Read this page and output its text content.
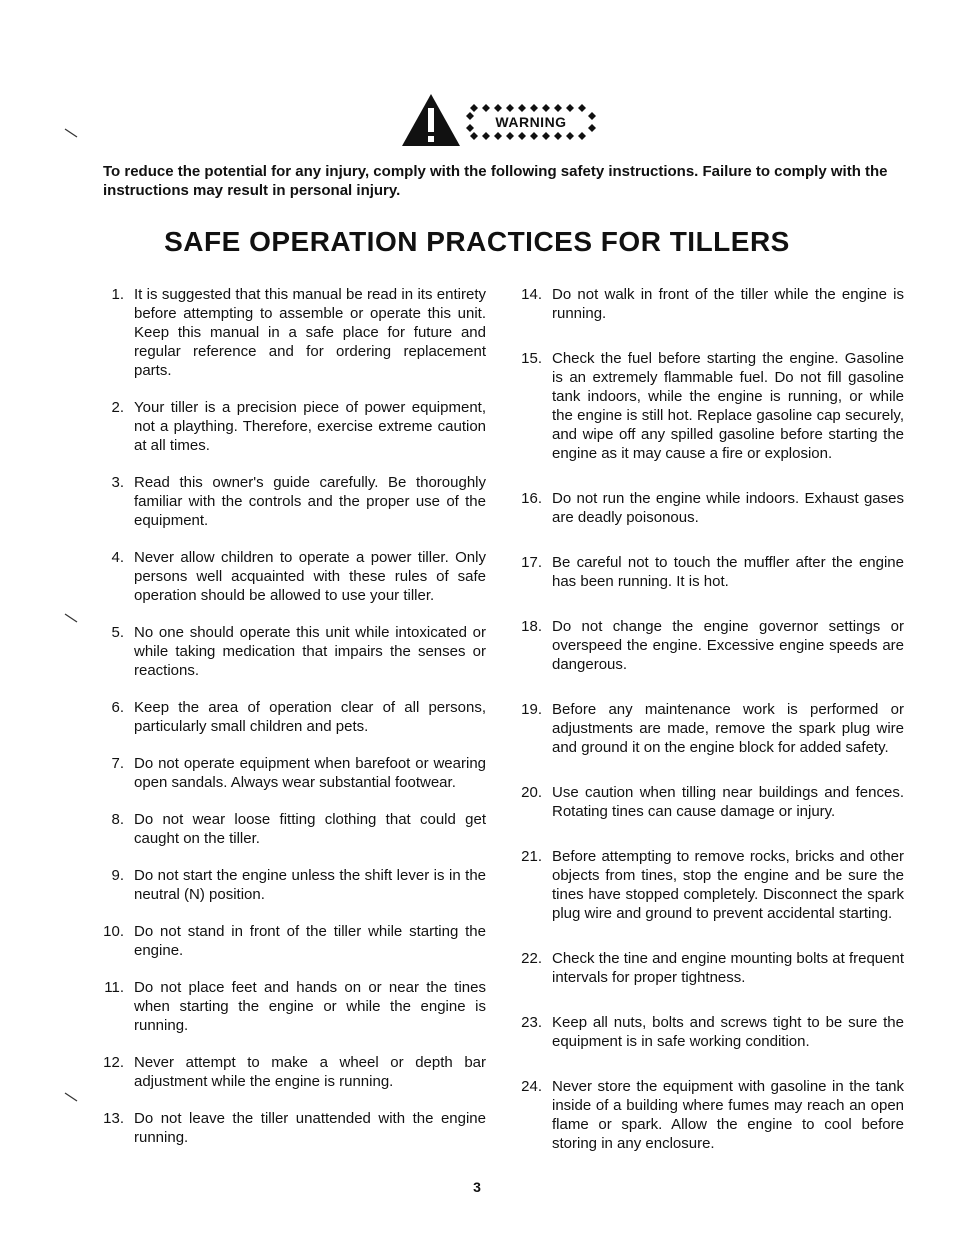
WARNING
To reduce the potential for any injury, comply with the following safety instructions. Failure to comply with the instructions may result in personal injury.
SAFE OPERATION PRACTICES FOR TILLERS
1. It is suggested that this manual be read in its entirety before attempting to assemble or operate this unit. Keep this manual in a safe place for future and regular reference and for ordering replacement parts.
2. Your tiller is a precision piece of power equipment, not a plaything. Therefore, exercise extreme caution at all times.
3. Read this owner's guide carefully. Be thoroughly familiar with the controls and the proper use of the equipment.
4. Never allow children to operate a power tiller. Only persons well acquainted with these rules of safe operation should be allowed to use your tiller.
5. No one should operate this unit while intoxicated or while taking medication that impairs the senses or reactions.
6. Keep the area of operation clear of all persons, particularly small children and pets.
7. Do not operate equipment when barefoot or wearing open sandals. Always wear substantial footwear.
8. Do not wear loose fitting clothing that could get caught on the tiller.
9. Do not start the engine unless the shift lever is in the neutral (N) position.
10. Do not stand in front of the tiller while starting the engine.
11. Do not place feet and hands on or near the tines when starting the engine or while the engine is running.
12. Never attempt to make a wheel or depth bar adjustment while the engine is running.
13. Do not leave the tiller unattended with the engine running.
14. Do not walk in front of the tiller while the engine is running.
15. Check the fuel before starting the engine. Gasoline is an extremely flammable fuel. Do not fill gasoline tank indoors, while the engine is running, or while the engine is still hot. Replace gasoline cap securely, and wipe off any spilled gasoline before starting the engine as it may cause a fire or explosion.
16. Do not run the engine while indoors. Exhaust gases are deadly poisonous.
17. Be careful not to touch the muffler after the engine has been running. It is hot.
18. Do not change the engine governor settings or overspeed the engine. Excessive engine speeds are dangerous.
19. Before any maintenance work is performed or adjustments are made, remove the spark plug wire and ground it on the engine block for added safety.
20. Use caution when tilling near buildings and fences. Rotating tines can cause damage or injury.
21. Before attempting to remove rocks, bricks and other objects from tines, stop the engine and be sure the tines have stopped completely. Disconnect the spark plug wire and ground to prevent accidental starting.
22. Check the tine and engine mounting bolts at frequent intervals for proper tightness.
23. Keep all nuts, bolts and screws tight to be sure the equipment is in safe working condition.
24. Never store the equipment with gasoline in the tank inside of a building where fumes may reach an open flame or spark. Allow the engine to cool before storing in any enclosure.
3
